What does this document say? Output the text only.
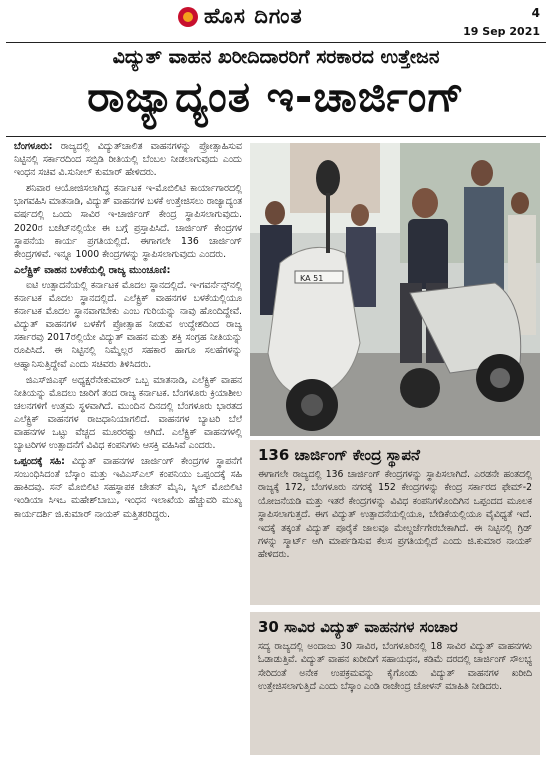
ಹೊಸ ದಿಗಂತ	4
19 Sep 2021
ವಿದ್ಯುತ್ ವಾಹನ ಖರೀದಿದಾರರಿಗೆ ಸರಕಾರದ ಉತ್ತೇಜನ
ರಾಜ್ಯಾದ್ಯಂತ ಇ-ಚಾರ್ಜಿಂಗ್

ಬೆಂಗಳೂರು: ರಾಜ್ಯದಲ್ಲಿ ವಿದ್ಯುತ್‌ಚಾಲಿತ ವಾಹನಗಳನ್ನು ಪ್ರೋತ್ಸಾಹಿಸುವ ನಿಟ್ಟಿನಲ್ಲಿ ಸರ್ಕಾರದಿಂದ ಸಬ್ಸಿಡಿ ರೀತಿಯಲ್ಲಿ ಬೆಂಬಲ ನೀಡಲಾಗುವುದು ಎಂದು ಇಂಧನ ಸಚಿವ ವಿ.ಸುನೀಲ್ ಕುಮಾರ್ ಹೇಳಿದರು.

ಶನಿವಾರ ಆಯೋಜಿಸಲಾಗಿದ್ದ ಕರ್ನಾಟಕ ಇ-ಮೊಬಿಲಿಟಿ ಕಾರ್ಯಾಗಾರದಲ್ಲಿ ಭಾಗವಹಿಸಿ ಮಾತನಾಡಿ, ವಿದ್ಯುತ್ ವಾಹನಗಳ ಬಳಕೆ ಉತ್ತೇಜಿಸಲು ರಾಜ್ಯಾದ್ಯಂತ ವರ್ಷದಲ್ಲಿ ಒಂದು ಸಾವಿರ ಇ-ಚಾರ್ಜಿಂಗ್ ಕೇಂದ್ರ ಸ್ಥಾಪಿಸಲಾಗುವುದು. 2020ರ ಬಜೆಟ್‌ನಲ್ಲಿಯೇ ಈ ಬಗ್ಗೆ ಪ್ರಸ್ತಾಪಿಸಿದೆ. ಚಾರ್ಜಿಂಗ್ ಕೇಂದ್ರಗಳ ಸ್ಥಾಪನೆಯ ಕಾರ್ಯ ಪ್ರಗತಿಯಲ್ಲಿದೆ. ಈಗಾಗಲೇ 136 ಚಾರ್ಜಿಂಗ್ ಕೇಂದ್ರಗಳಿವೆ. ಇನ್ನೂ 1000 ಕೇಂದ್ರಗಳನ್ನು ಸ್ಥಾಪಿಸಲಾಗುವುದು ಎಂದರು.

ಎಲೆಕ್ಟ್ರಿಕ್ ವಾಹನ ಬಳಕೆಯಲ್ಲಿ ರಾಜ್ಯ ಮುಂಚೂಣಿ:

ಐಟಿ ಉತ್ಪಾದನೆಯಲ್ಲಿ ಕರ್ನಾಟಕ ಮೊದಲ ಸ್ಥಾನದಲ್ಲಿದೆ. ಇ-ಗವರ್ನೆನ್ಸ್‌ನಲ್ಲಿ ಕರ್ನಾಟಕ ಮೊದಲ ಸ್ಥಾನದಲ್ಲಿದೆ. ಎಲೆಕ್ಟ್ರಿಕ್ ವಾಹನಗಳ ಬಳಕೆಯಲ್ಲಿಯೂ ಕರ್ನಾಟಕ ಮೊದಲ ಸ್ಥಾನವಾಗಬೇಕು ಎಂಬ ಗುರಿಯನ್ನು ನಾವು ಹೊಂದಿದ್ದೇವೆ. ವಿದ್ಯುತ್ ವಾಹನಗಳ ಬಳಕೆಗೆ ಪ್ರೋತ್ಸಾಹ ನೀಡುವ ಉದ್ದೇಶದಿಂದ ರಾಜ್ಯ ಸರ್ಕಾರವು 2017ರಲ್ಲಿಯೇ ವಿದ್ಯುತ್ ವಾಹನ ಮತ್ತು ಶಕ್ತಿ ಸಂಗ್ರಹ ನೀತಿಯನ್ನು ರೂಪಿಸಿದೆ. ಈ ನಿಟ್ಟಿನಲ್ಲಿ ನಿಮ್ಮೆಲ್ಲರ ಸಹಕಾರ ಹಾಗೂ ಸಲಹೆಗಳನ್ನು ಆಹ್ವಾನಿಸುತ್ತಿದ್ದೇವೆ ಎಂದು ಸಚಿವರು ತಿಳಿಸಿದರು.

ಜಿಎಸ್‌ಜಿಎಫ್ ಅಧ್ಯಕ್ಷರೆನೇಕುಮಾರ್ ಒಬ್ಬ ಮಾತನಾಡಿ, ಎಲೆಕ್ಟ್ರಿಕ್ ವಾಹನ ನೀತಿಯನ್ನು ಮೊದಲು ಜಾರಿಗೆ ತಂದ ರಾಜ್ಯ ಕರ್ನಾಟಕ. ಬೆಂಗಳೂರು ಕ್ರಿಯಾಶೀಲ ಚಲನಗಳಿಗೆ ಉತ್ತಮ ಸ್ಥಳವಾಗಿದೆ. ಮುಂದಿನ ದಿನದಲ್ಲಿ ಬೆಂಗಳೂರು ಭಾರತದ ಎಲೆಕ್ಟ್ರಿಕ್ ವಾಹನಗಳ ರಾಜಧಾನಿಯಾಗಲಿದೆ. ವಾಹನಗಳ ಬ್ಯಾಟರಿ ಬೆಲೆ ವಾಹನಗಳ ಒಟ್ಟು ವೆಚ್ಚದ ಮೂರರಷ್ಟು ಆಗಿದೆ. ಎಲೆಕ್ಟ್ರಿಕ್ ವಾಹನಗಳಲ್ಲಿ ಬ್ಯಾಟರಿಗಳ ಉತ್ಪಾದನೆಗೆ ವಿವಿಧ ಕಂಪನಿಗಳು ಆಸಕ್ತಿ ವಹಿಸಿವೆ ಎಂದರು.

ಒಪ್ಪಂದಕ್ಕೆ ಸಹಿ: ವಿದ್ಯುತ್ ವಾಹನಗಳ ಚಾರ್ಜಿಂಗ್ ಕೇಂದ್ರಗಳ ಸ್ಥಾಪನೆಗೆ ಸಂಬಂಧಿಸಿದಂತೆ ಬೆಸ್ಕಾಂ ಮತ್ತು ಇವಿಎಸ್‌ಎಲ್ ಕಂಪನಿಯು ಒಪ್ಪಂದಕ್ಕೆ ಸಹಿ ಹಾಕಿದವು. ಸನ್ ಮೊಬಿಲಿಟಿ ಸಹಸ್ಥಾಪಕ ಚೇತನ್ ಮೈನಿ, ಸ್ಕಿಲ್ ಮೊಬಿಲಿಟಿ ಇಂಡಿಯಾ ಸಿಇಒ ಮಹೇಶ್‌ಬಾಬು, ಇಂಧನ ಇಲಾಖೆಯ ಹೆಚ್ಚುವರಿ ಮುಖ್ಯ ಕಾರ್ಯದರ್ಶಿ ಜಿ.ಕುಮಾರ್ ನಾಯಕ್ ಮತ್ತಿತರರಿದ್ದರು.

KA 51
136 ಚಾರ್ಜಿಂಗ್ ಕೇಂದ್ರ ಸ್ಥಾಪನೆ
ಈಗಾಗಲೇ ರಾಜ್ಯದಲ್ಲಿ 136 ಚಾರ್ಜಿಂಗ್ ಕೇಂದ್ರಗಳನ್ನು ಸ್ಥಾಪಿಸಲಾಗಿದೆ. ಎರಡನೇ ಹಂತದಲ್ಲಿ ರಾಜ್ಯಕ್ಕೆ 172, ಬೆಂಗಳೂರು ನಗರಕ್ಕೆ 152 ಕೇಂದ್ರಗಳನ್ನು ಕೇಂದ್ರ ಸರ್ಕಾರದ ಫೇಮ್-2 ಯೋಜನೆಯಡಿ ಮತ್ತು ಇತರೆ ಕೇಂದ್ರಗಳನ್ನು ವಿವಿಧ ಕಂಪನಿಗಳೊಂದಿಗಿನ ಒಪ್ಪಂದದ ಮೂಲಕ ಸ್ಥಾಪಿಸಲಾಗುತ್ತದೆ. ಈಗ ವಿದ್ಯುತ್ ಉತ್ಪಾದನೆಯಲ್ಲಿಯೂ, ಬೇಡಿಕೆಯಲ್ಲಿಯೂ ವೈವಿಧ್ಯತೆ ಇದೆ. ಇದಕ್ಕೆ ತಕ್ಕಂತೆ ವಿದ್ಯುತ್ ಪೂರೈಕೆ ಜಾಲವೂ ಮೇಲ್ದರ್ಜೆಗೇರಬೇಕಾಗಿದೆ. ಈ ನಿಟ್ಟಿನಲ್ಲಿ ಗ್ರಿಡ್ ಗಳನ್ನು ಸ್ಮಾರ್ಟ್ ಆಗಿ ಮಾರ್ಪಡಿಸುವ ಕೆಲಸ ಪ್ರಗತಿಯಲ್ಲಿದೆ ಎಂದು ಜಿ.ಕುಮಾರ ನಾಯಕ್ ಹೇಳಿದರು.
30 ಸಾವಿರ ವಿದ್ಯುತ್ ವಾಹನಗಳ ಸಂಚಾರ
ಸದ್ಯ ರಾಜ್ಯದಲ್ಲಿ ಅಂದಾಜು 30 ಸಾವಿರ, ಬೆಂಗಳೂರಿನಲ್ಲಿ 18 ಸಾವಿರ ವಿದ್ಯುತ್ ವಾಹನಗಳು ಓಡಾಡುತ್ತಿವೆ. ವಿದ್ಯುತ್ ವಾಹನ ಖರೀದಿಗೆ ಸಹಾಯಧನ, ಕಡಿಮೆ ದರದಲ್ಲಿ ಚಾರ್ಜಿಂಗ್ ಸೌಲಭ್ಯ ಸೇರಿದಂತೆ ಅನೇಕ ಉಪಕ್ರಮವನ್ನು ಕೈಗೊಂಡು ವಿದ್ಯುತ್ ವಾಹನಗಳ ಖರೀದಿ ಉತ್ತೇಜಿಸಲಾಗುತ್ತಿದೆ ಎಂದು ಬೆಸ್ಕಾಂ ಎಂಡಿ ರಾಜೇಂದ್ರ ಚೋಳನ್ ಮಾಹಿತಿ ನೀಡಿದರು.
